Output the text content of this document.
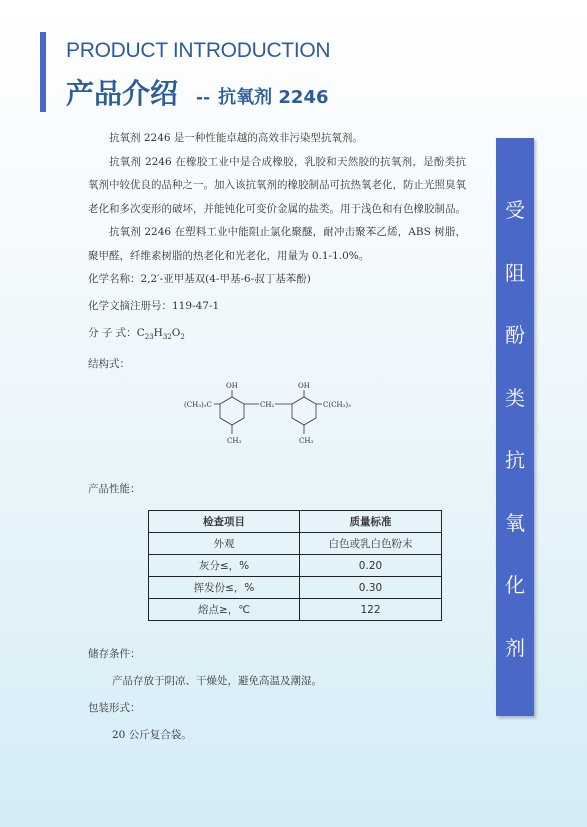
PRODUCT INTRODUCTION
产品介绍 -- 抗氧剂 2246

抗氧剂 2246 是一种性能卓越的高效非污染型抗氧剂。

抗氧剂 2246 在橡胶工业中是合成橡胶，乳胶和天然胶的抗氧剂，是酚类抗氧剂中较优良的品种之一。加入该抗氧剂的橡胶制品可抗热氧老化，防止光照臭氧老化和多次变形的破坏，并能钝化可变价金属的盐类。用于浅色和有色橡胶制品。

抗氧剂 2246 在塑料工业中能阻止氯化聚醚，耐冲击聚苯乙烯，ABS 树脂，聚甲醛，纤维素树脂的热老化和光老化，用量为 0.1-1.0%。

化学名称：2,2′-亚甲基双(4-甲基-6-叔丁基苯酚)

化学文摘注册号：119-47-1

分 子 式：$C_{23}H_{32}O_2$

结构式：

OH	OH
(CH₃)₃C	CH₂	C(CH₃)₃
CH₃	CH₃

产品性能：

检查项目	质量标准
外观	白色或乳白色粉末
灰分≤，%	0.20
挥发份≤，%	0.30
熔点≥，℃	122

储存条件：

产品存放于阴凉、干燥处，避免高温及潮湿。

包装形式：

20 公斤复合袋。

受
阻
酚
类
抗
氧
化
剂
